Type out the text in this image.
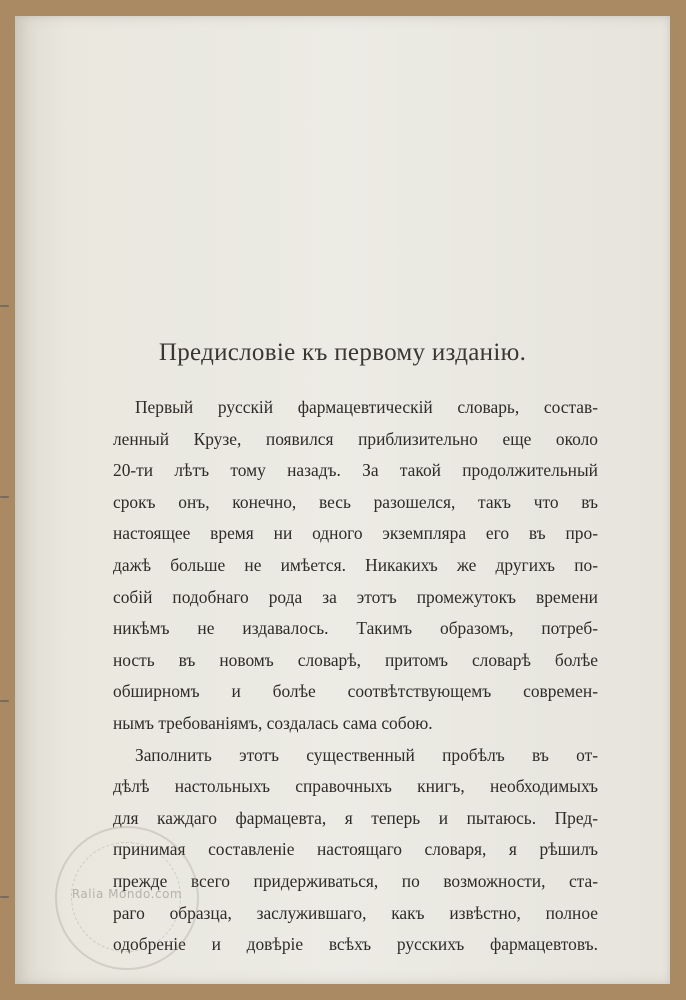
Предисловіе къ первому изданію.
Первый русскій фармацевтическій словарь, состав-
ленный Крузе, появился приблизительно еще около
20-ти лѣтъ тому назадъ. За такой продолжительный
срокъ онъ, конечно, весь разошелся, такъ что въ
настоящее время ни одного экземпляра его въ про-
дажѣ больше не имѣется. Никакихъ же другихъ по-
собій подобнаго рода за этотъ промежутокъ времени
никѣмъ не издавалось. Такимъ образомъ, потреб-
ность въ новомъ словарѣ, притомъ словарѣ болѣе
обширномъ и болѣе соотвѣтствующемъ современ-
нымъ требованіямъ, создалась сама собою.
Заполнить этотъ существенный пробѣлъ въ от-
дѣлѣ настольныхъ справочныхъ книгъ, необходимыхъ
для каждаго фармацевта, я теперь и пытаюсь. Пред-
принимая составленіе настоящаго словаря, я рѣшилъ
прежде всего придерживаться, по возможности, ста-
раго образца, заслужившаго, какъ извѣстно, полное
одобреніе и довѣріе всѣхъ русскихъ фармацевтовъ.
Ralia Mondo.com
